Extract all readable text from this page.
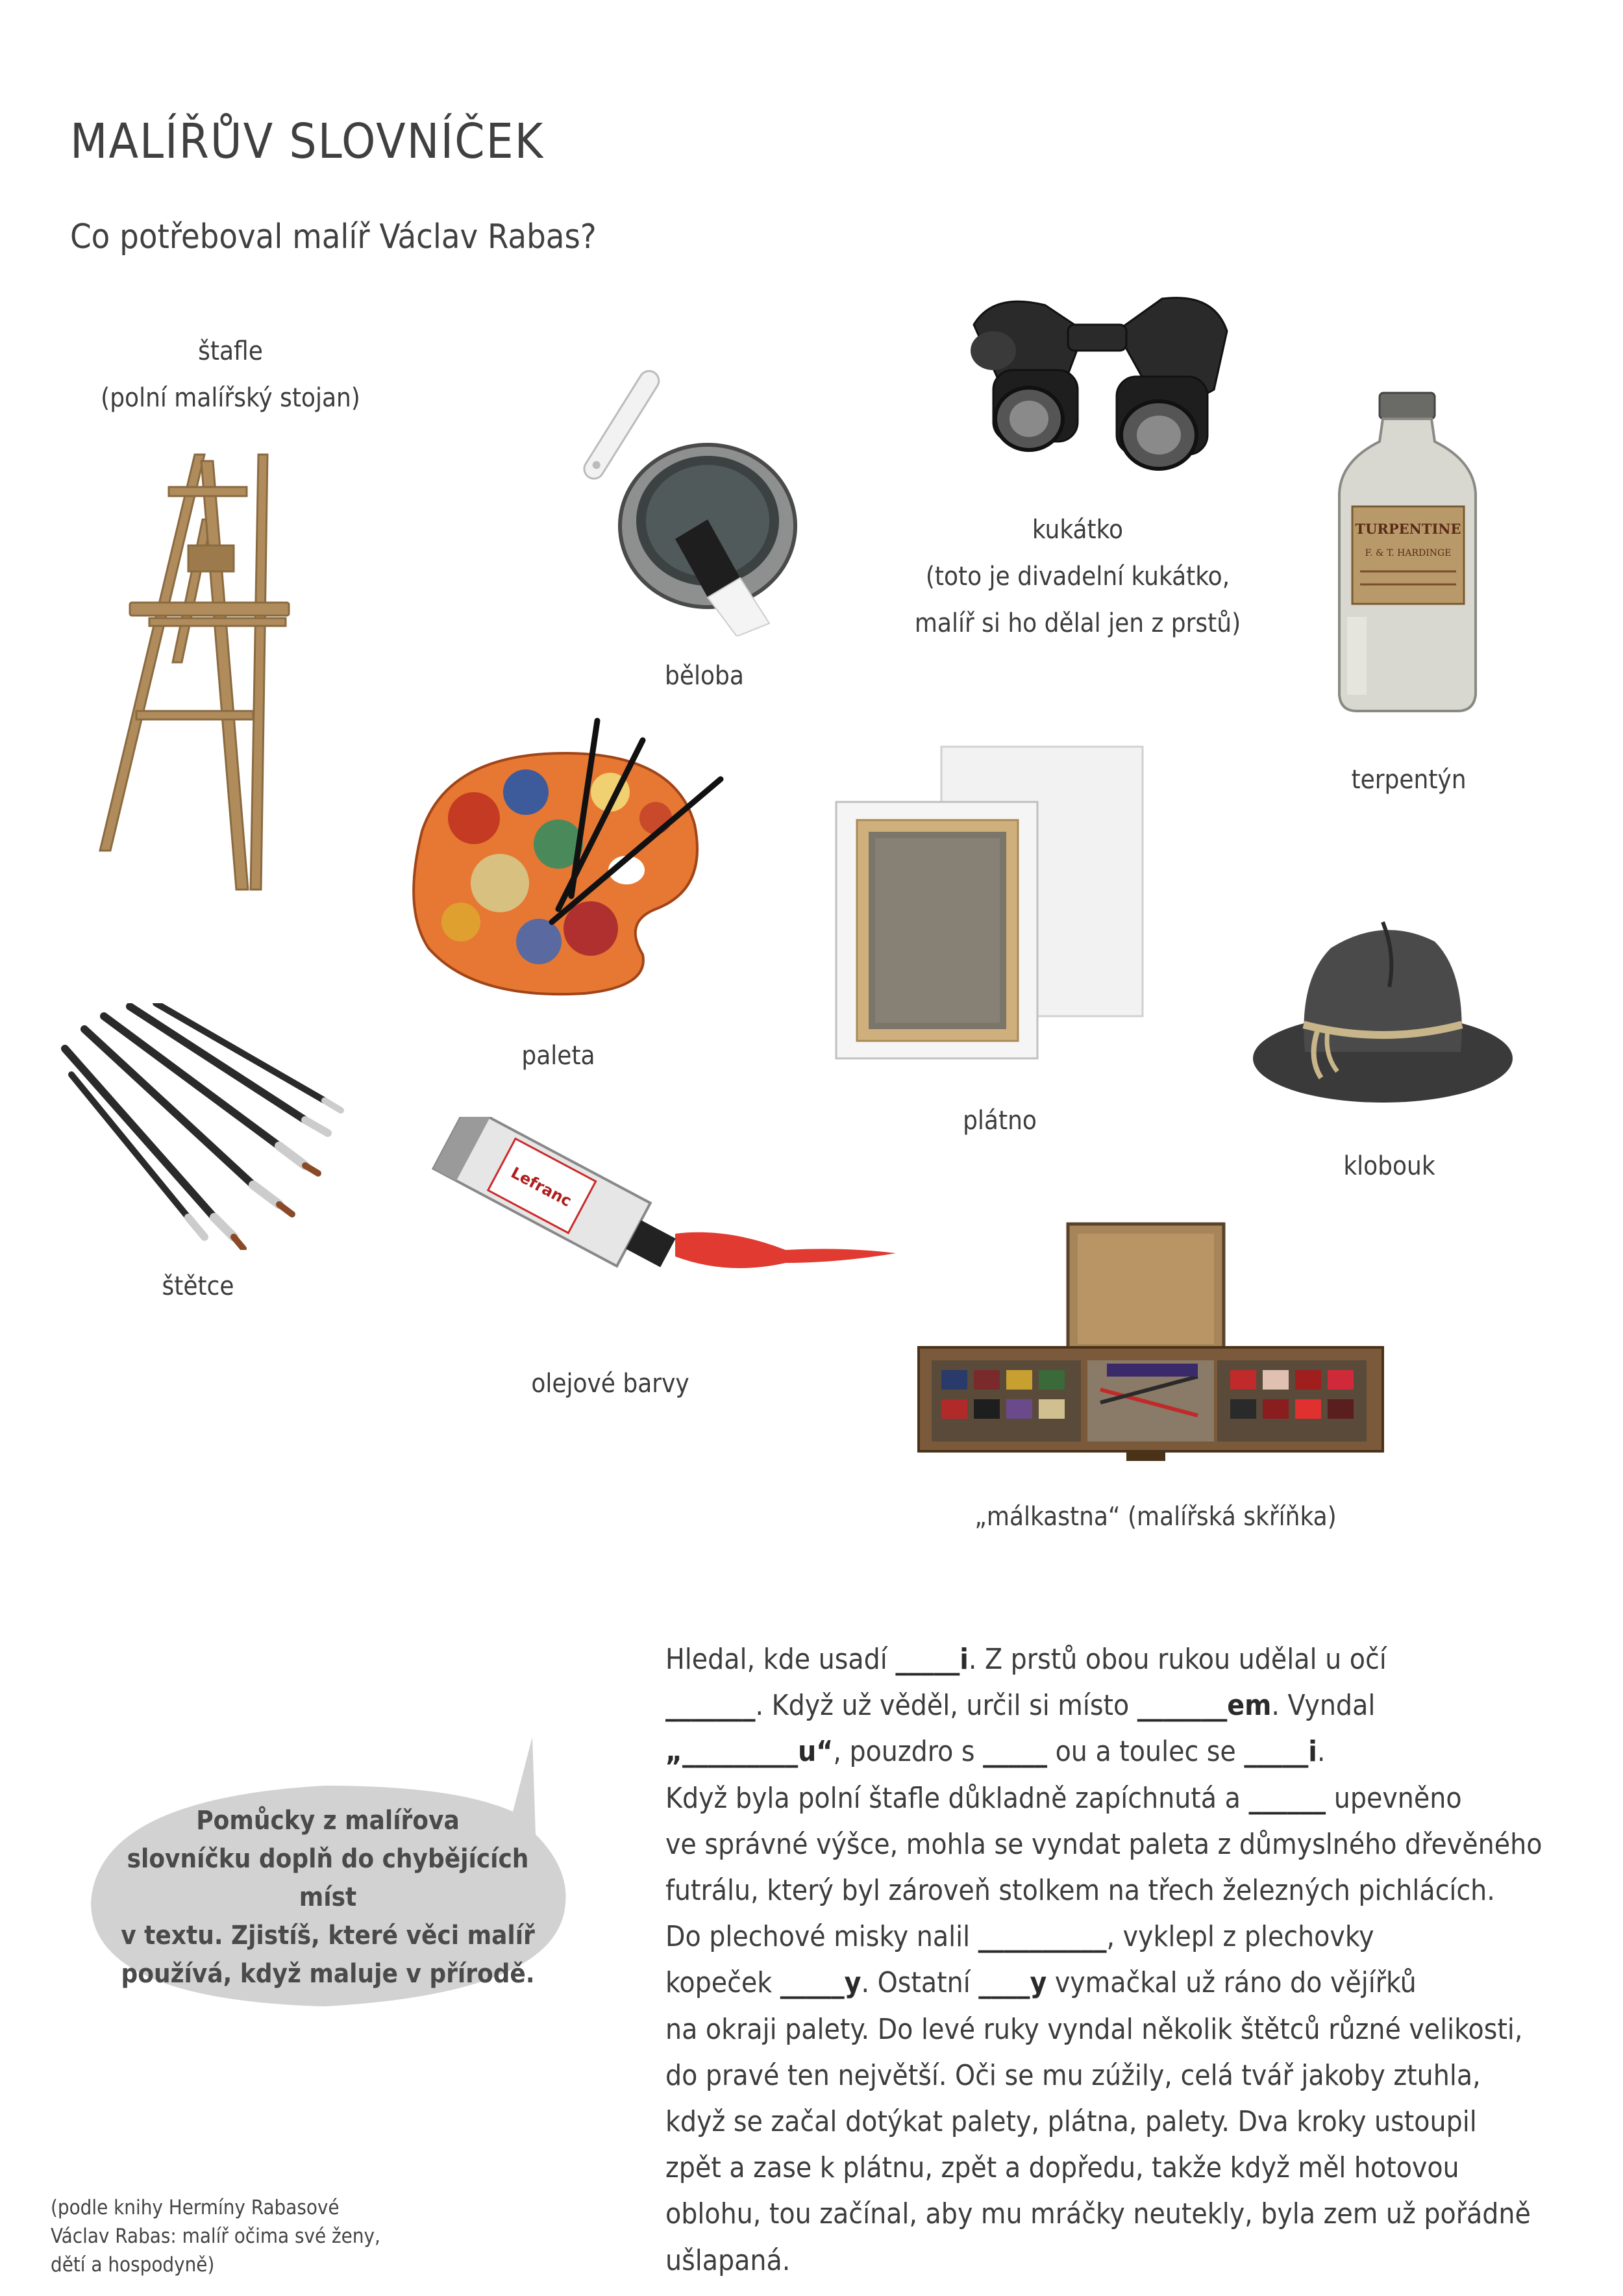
MALÍŘŮV SLOVNÍČEK
Co potřeboval malíř Václav Rabas?
štafle
(polní malířský stojan)
běloba
kukátko
(toto je divadelní kukátko,
malíř si ho dělal jen z prstů)
TURPENTINE
F. & T. HARDINGE
terpentýn
paleta
plátno
klobouk
štětce
Lefranc
olejové barvy
„málkastna“ (malířská skříňka)
Pomůcky z malířova
slovníčku doplň do chybějících míst
v textu. Zjistíš, které věci malíř
používá, když maluje v přírodě.
Hledal, kde usadí _____i. Z prstů obou rukou udělal u očí
_______. Když už věděl, určil si místo _______em. Vyndal
„_________u“, pouzdro s _____ ou a toulec se _____i.
Když byla polní štafle důkladně zapíchnutá a ______ upevněno
ve správné výšce, mohla se vyndat paleta z důmyslného dřevěného
futrálu, který byl zároveň stolkem na třech železných pichlácích.
Do plechové misky nalil __________, vyklepl z plechovky
kopeček _____y. Ostatní ____y vymačkal už ráno do vějířků
na okraji palety. Do levé ruky vyndal několik štětců různé velikosti,
do pravé ten největší. Oči se mu zúžily, celá tvář jakoby ztuhla,
když se začal dotýkat palety, plátna, palety. Dva kroky ustoupil
zpět a zase k plátnu, zpět a dopředu, takže když měl hotovou
oblohu, tou začínal, aby mu mráčky neutekly, byla zem už pořádně
ušlapaná.
(podle knihy Hermíny Rabasové
Václav Rabas: malíř očima své ženy,
dětí a hospodyně)
